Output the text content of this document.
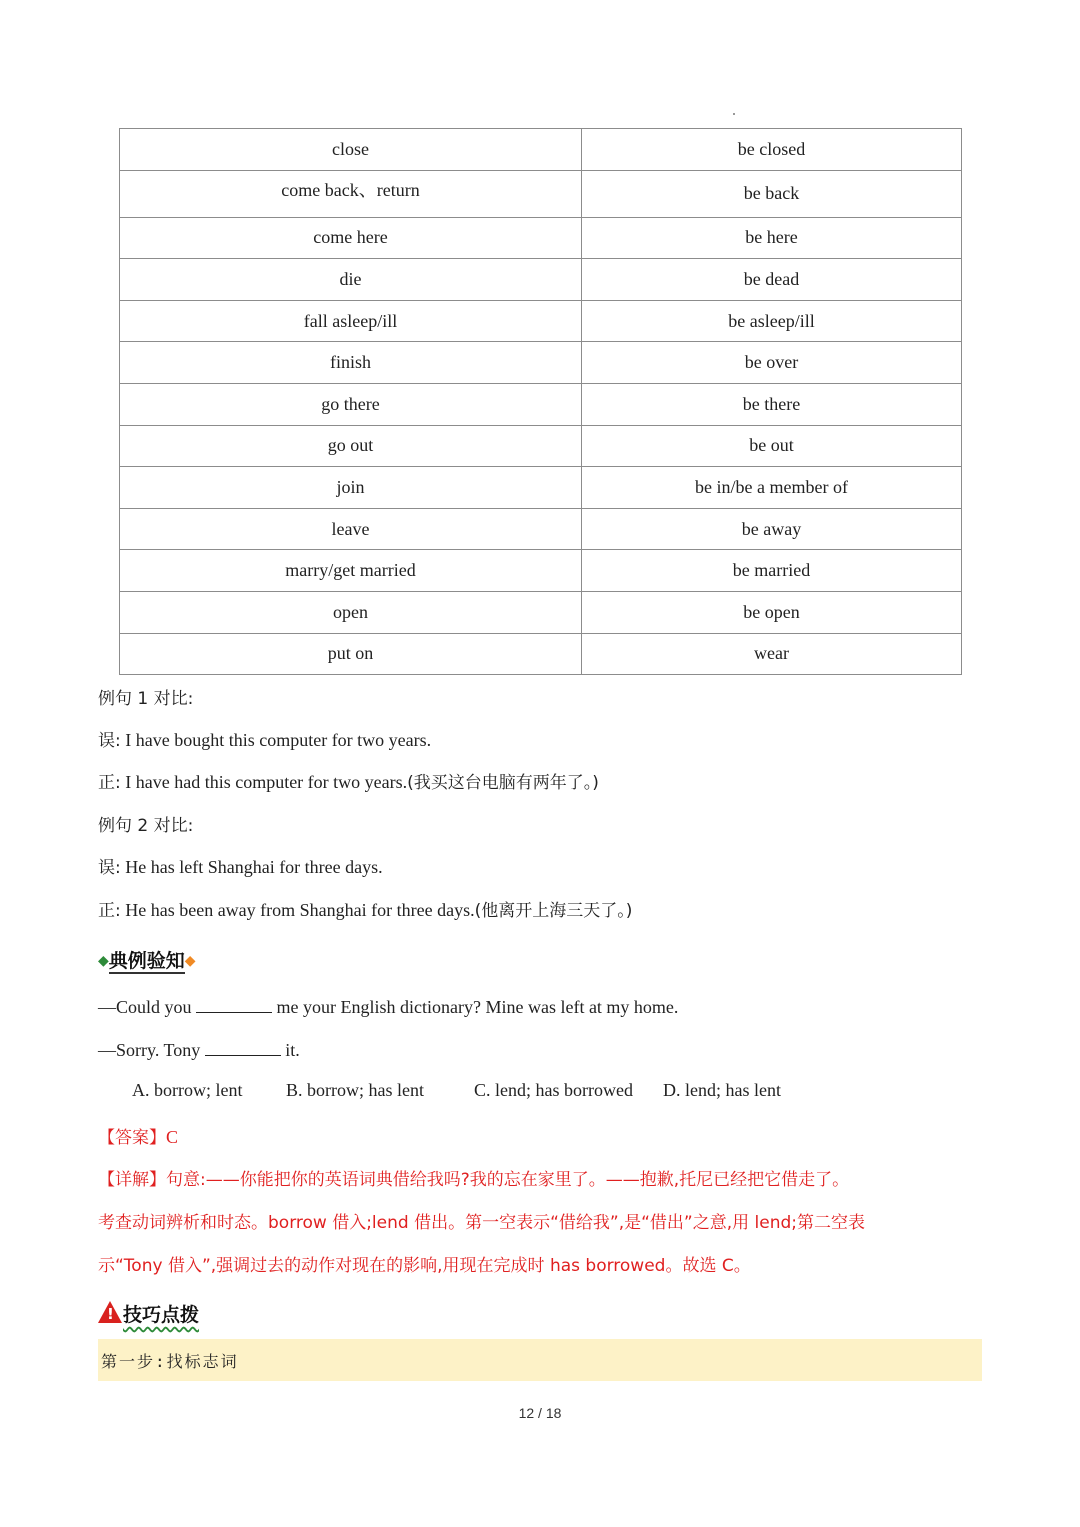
close	be closed
come back、return	be back
come here	be here
die	be dead
fall asleep/ill	be asleep/ill
finish	be over
go there	be there
go out	be out
join	be in/be a member of
leave	be away
marry/get married	be married
open	be open
put on	wear
例句 1 对比:
误: I have bought this computer for two years.
正: I have had this computer for two years.(我买这台电脑有两年了。)
例句 2 对比:
误: He has left Shanghai for three days.
正: He has been away from Shanghai for three days.(他离开上海三天了。)
◆典例验知◆
—Could you	me your English dictionary? Mine was left at my home.
—Sorry. Tony	it.
A. borrow; lent B. borrow; has lent	C. lend; has borrowed D. lend; has lent
【答案】C
【详解】句意:——你能把你的英语词典借给我吗?我的忘在家里了。——抱歉,托尼已经把它借走了。
考查动词辨析和时态。borrow 借入;lend 借出。第一空表示“借给我”,是“借出”之意,用 lend;第二空表
示“Tony 借入”,强调过去的动作对现在的影响,用现在完成时 has borrowed。故选 C。
!技巧点拨
第一步:找标志词
12 / 18
